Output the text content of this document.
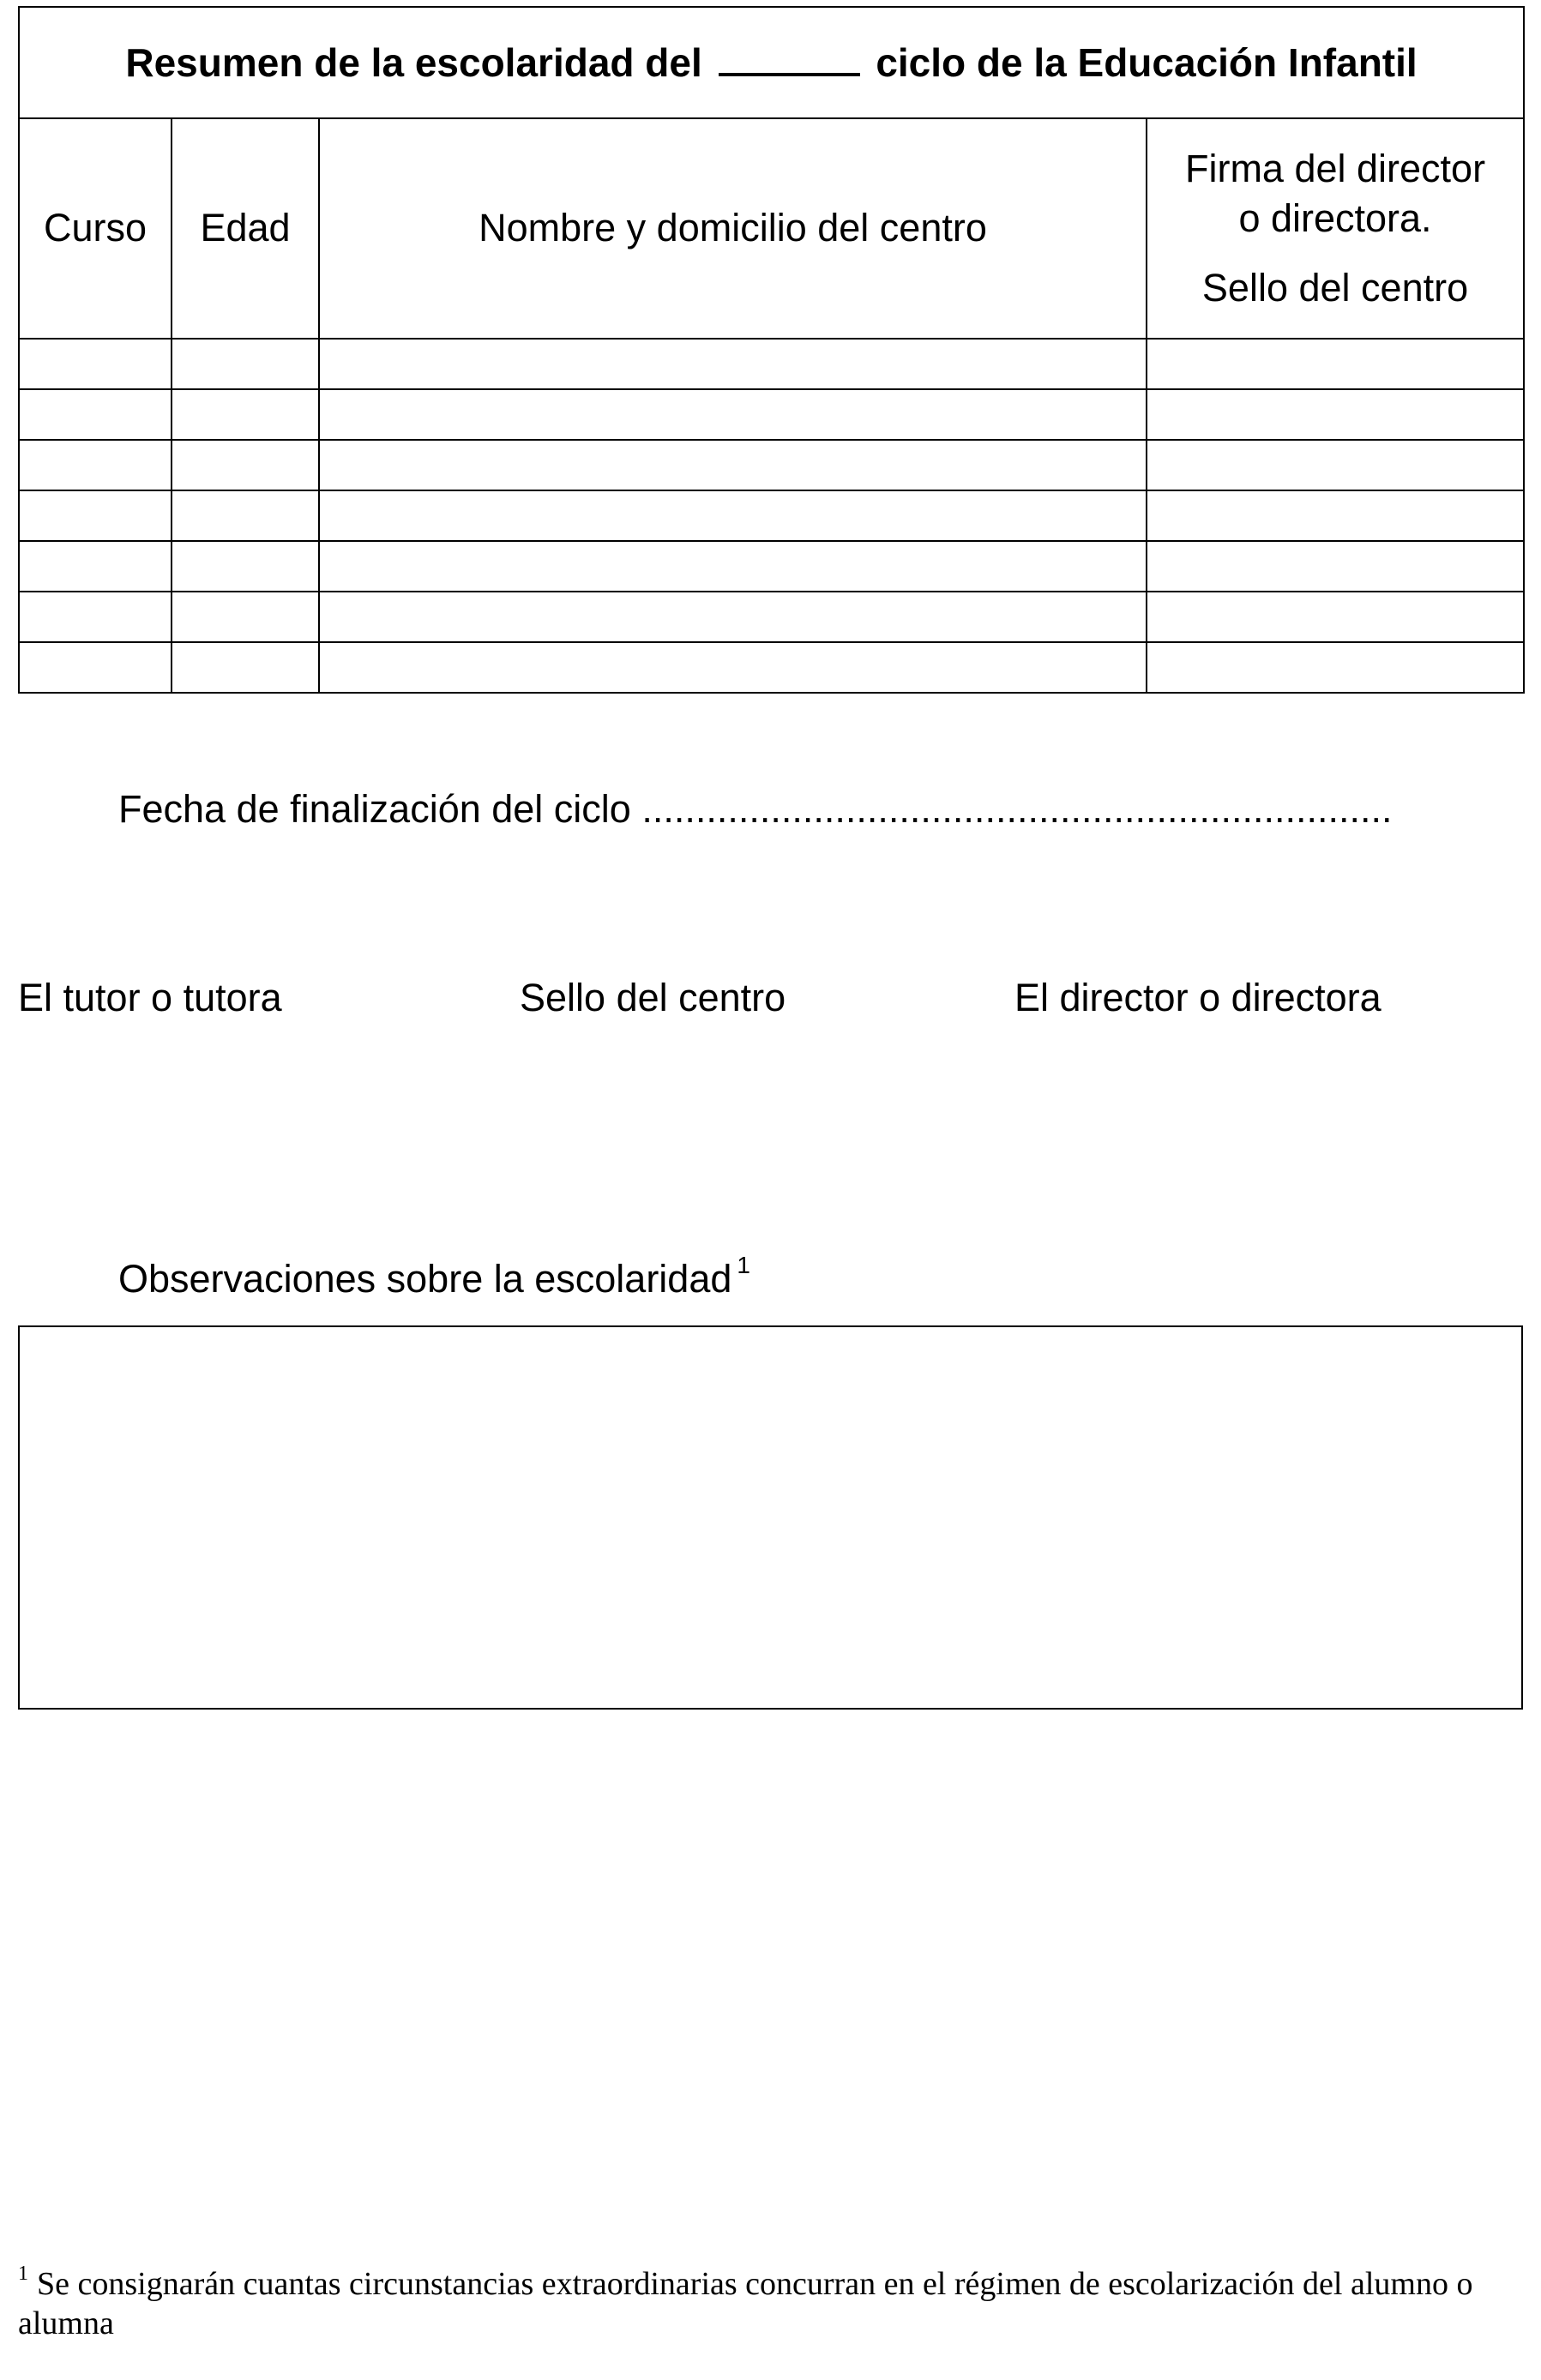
Resumen de la escolaridad del ciclo de la Educación Infantil			
Curso	Edad	Nombre y domicilio del centro	Firma del director
o directora.
Sello del centro

Fecha de finalización del ciclo ......................................................................
El tutor o tutora	Sello del centro	El director o directora
Observaciones sobre la escolaridad $^1$
$^1$ Se consignarán cuantas circunstancias extraordinarias concurran en el régimen de escolarización del alumno o alumna
